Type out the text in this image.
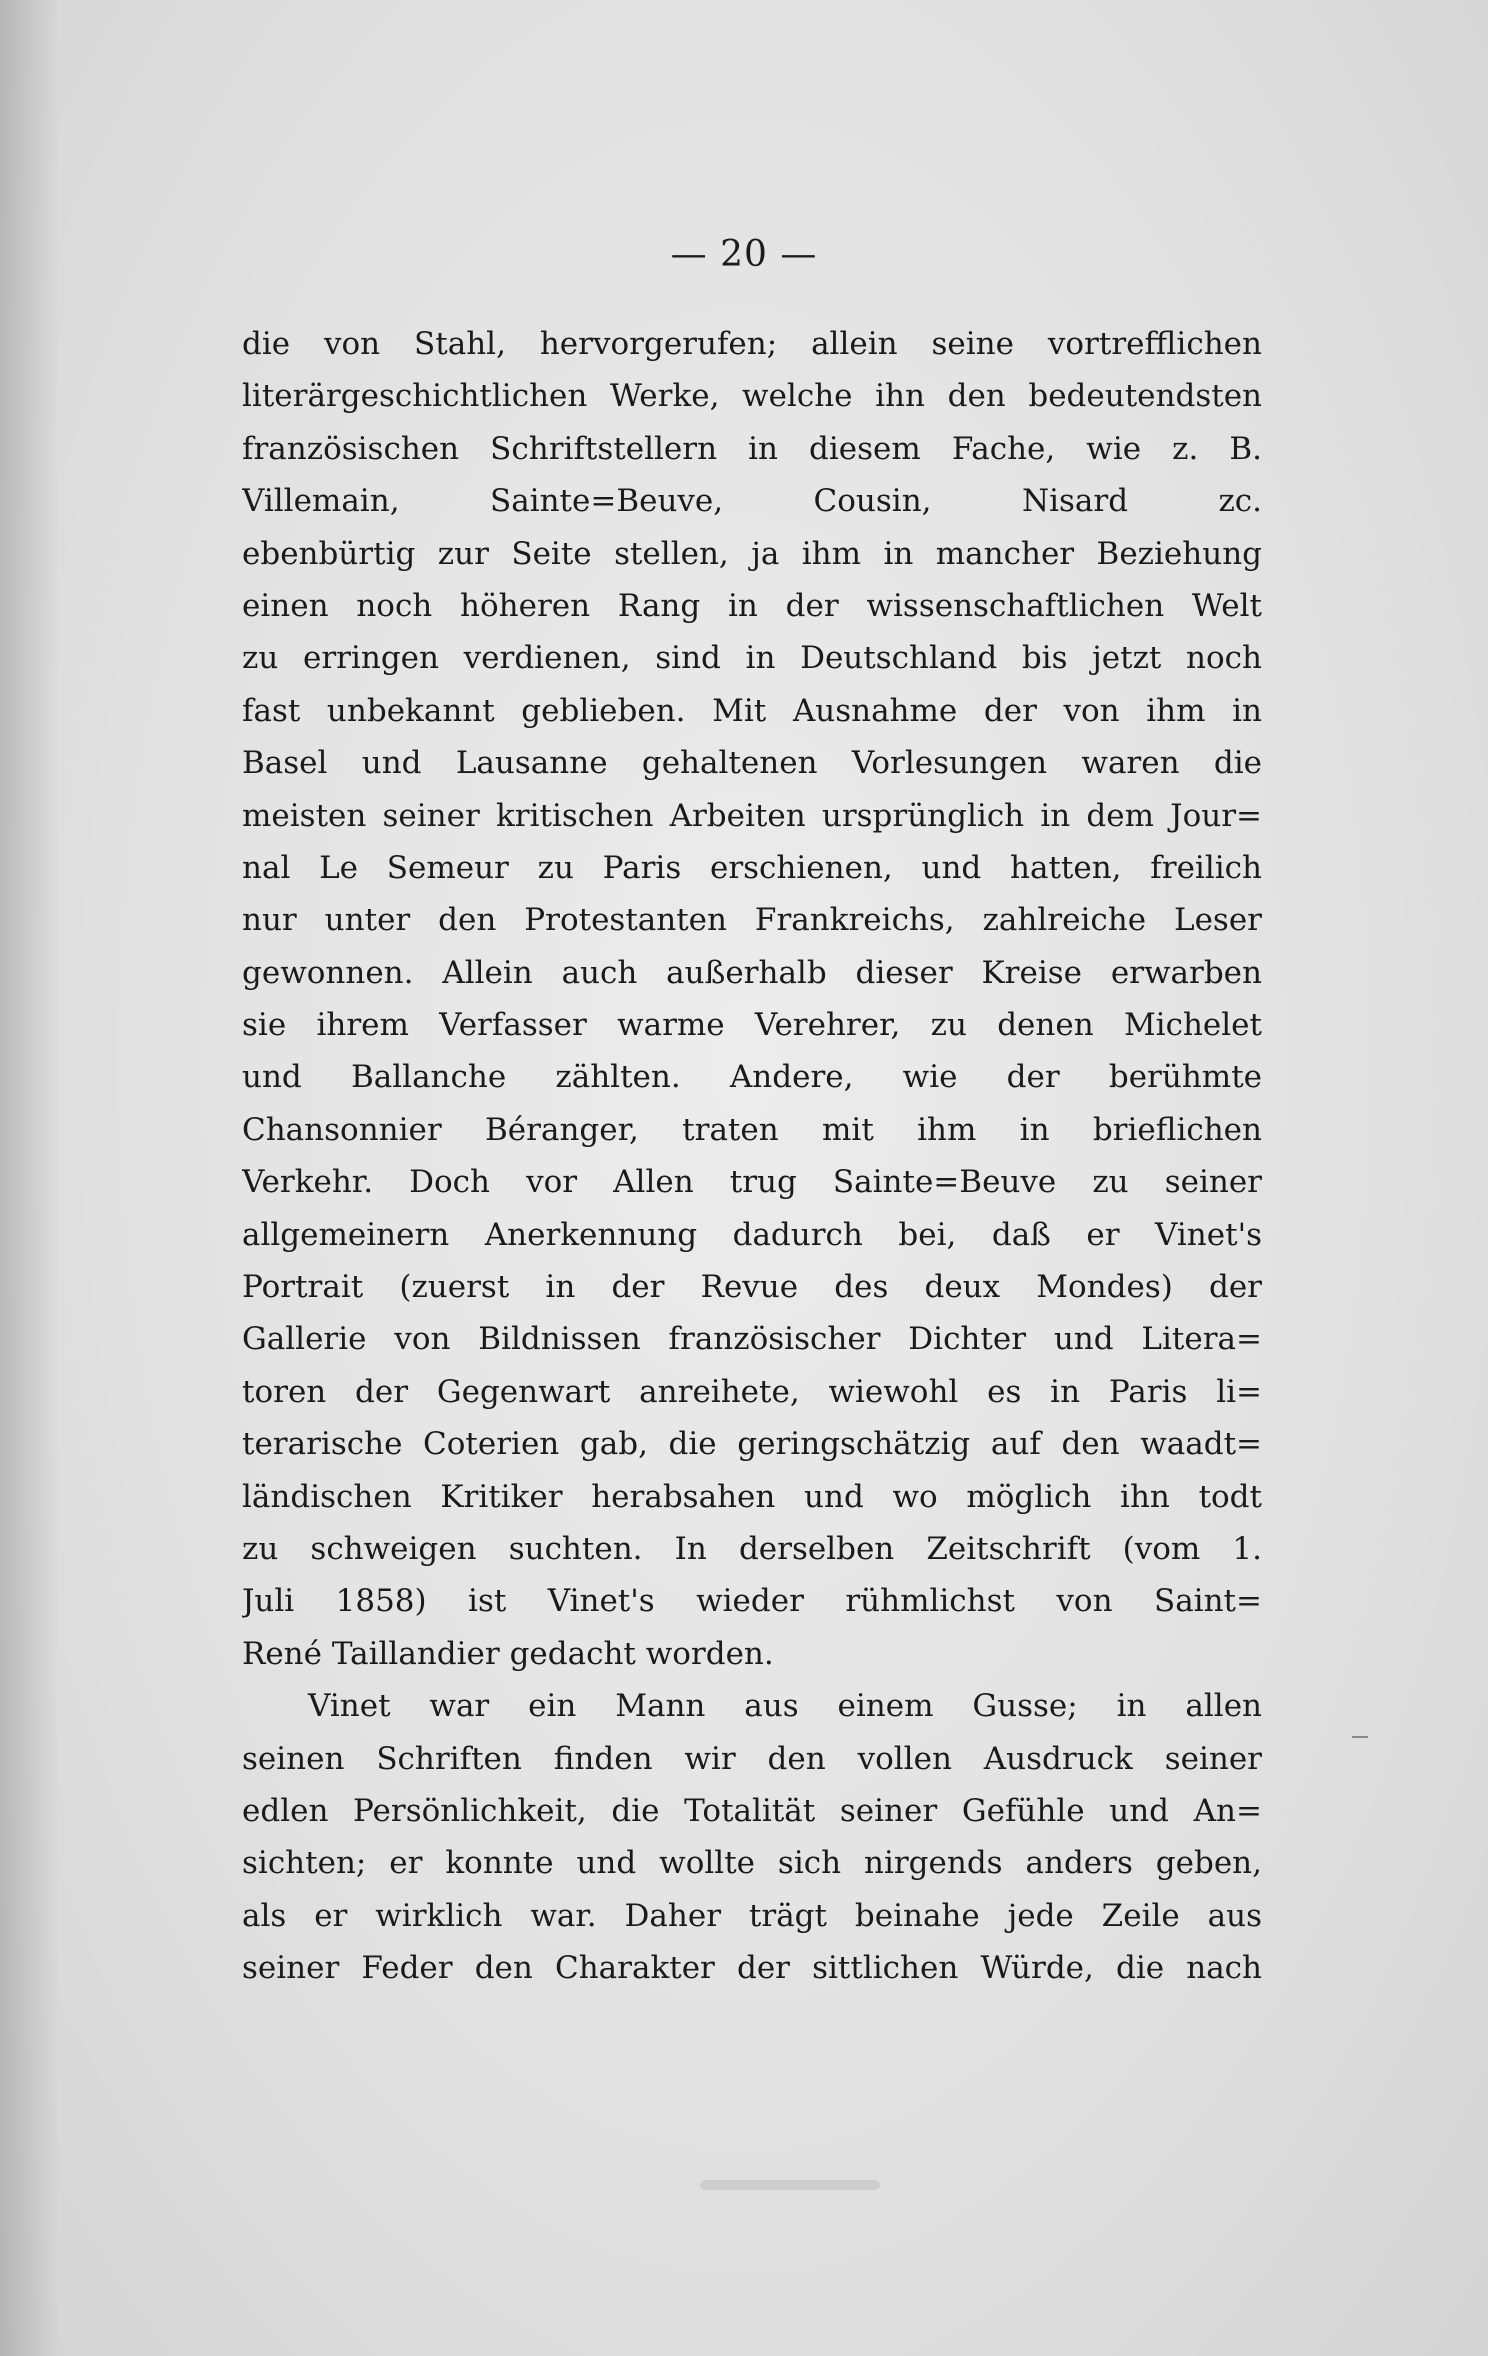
— 20 —
die von Stahl, hervorgerufen; allein seine vortrefflichen
literärgeschichtlichen Werke, welche ihn den bedeutendsten
französischen Schriftstellern in diesem Fache, wie z. B.
Villemain, Sainte=Beuve, Cousin, Nisard zc.
ebenbürtig zur Seite stellen, ja ihm in mancher Beziehung
einen noch höheren Rang in der wissenschaftlichen Welt
zu erringen verdienen, sind in Deutschland bis jetzt noch
fast unbekannt geblieben. Mit Ausnahme der von ihm in
Basel und Lausanne gehaltenen Vorlesungen waren die
meisten seiner kritischen Arbeiten ursprünglich in dem Jour=
nal Le Semeur zu Paris erschienen, und hatten, freilich
nur unter den Protestanten Frankreichs, zahlreiche Leser
gewonnen. Allein auch außerhalb dieser Kreise erwarben
sie ihrem Verfasser warme Verehrer, zu denen Michelet
und Ballanche zählten. Andere, wie der berühmte
Chansonnier Béranger, traten mit ihm in brieflichen
Verkehr. Doch vor Allen trug Sainte=Beuve zu seiner
allgemeinern Anerkennung dadurch bei, daß er Vinet's
Portrait (zuerst in der Revue des deux Mondes) der
Gallerie von Bildnissen französischer Dichter und Litera=
toren der Gegenwart anreihete, wiewohl es in Paris li=
terarische Coterien gab, die geringschätzig auf den waadt=
ländischen Kritiker herabsahen und wo möglich ihn todt
zu schweigen suchten. In derselben Zeitschrift (vom 1.
Juli 1858) ist Vinet's wieder rühmlichst von Saint=
René Taillandier gedacht worden.
Vinet war ein Mann aus einem Gusse; in allen
seinen Schriften finden wir den vollen Ausdruck seiner
edlen Persönlichkeit, die Totalität seiner Gefühle und An=
sichten; er konnte und wollte sich nirgends anders geben,
als er wirklich war. Daher trägt beinahe jede Zeile aus
seiner Feder den Charakter der sittlichen Würde, die nach
